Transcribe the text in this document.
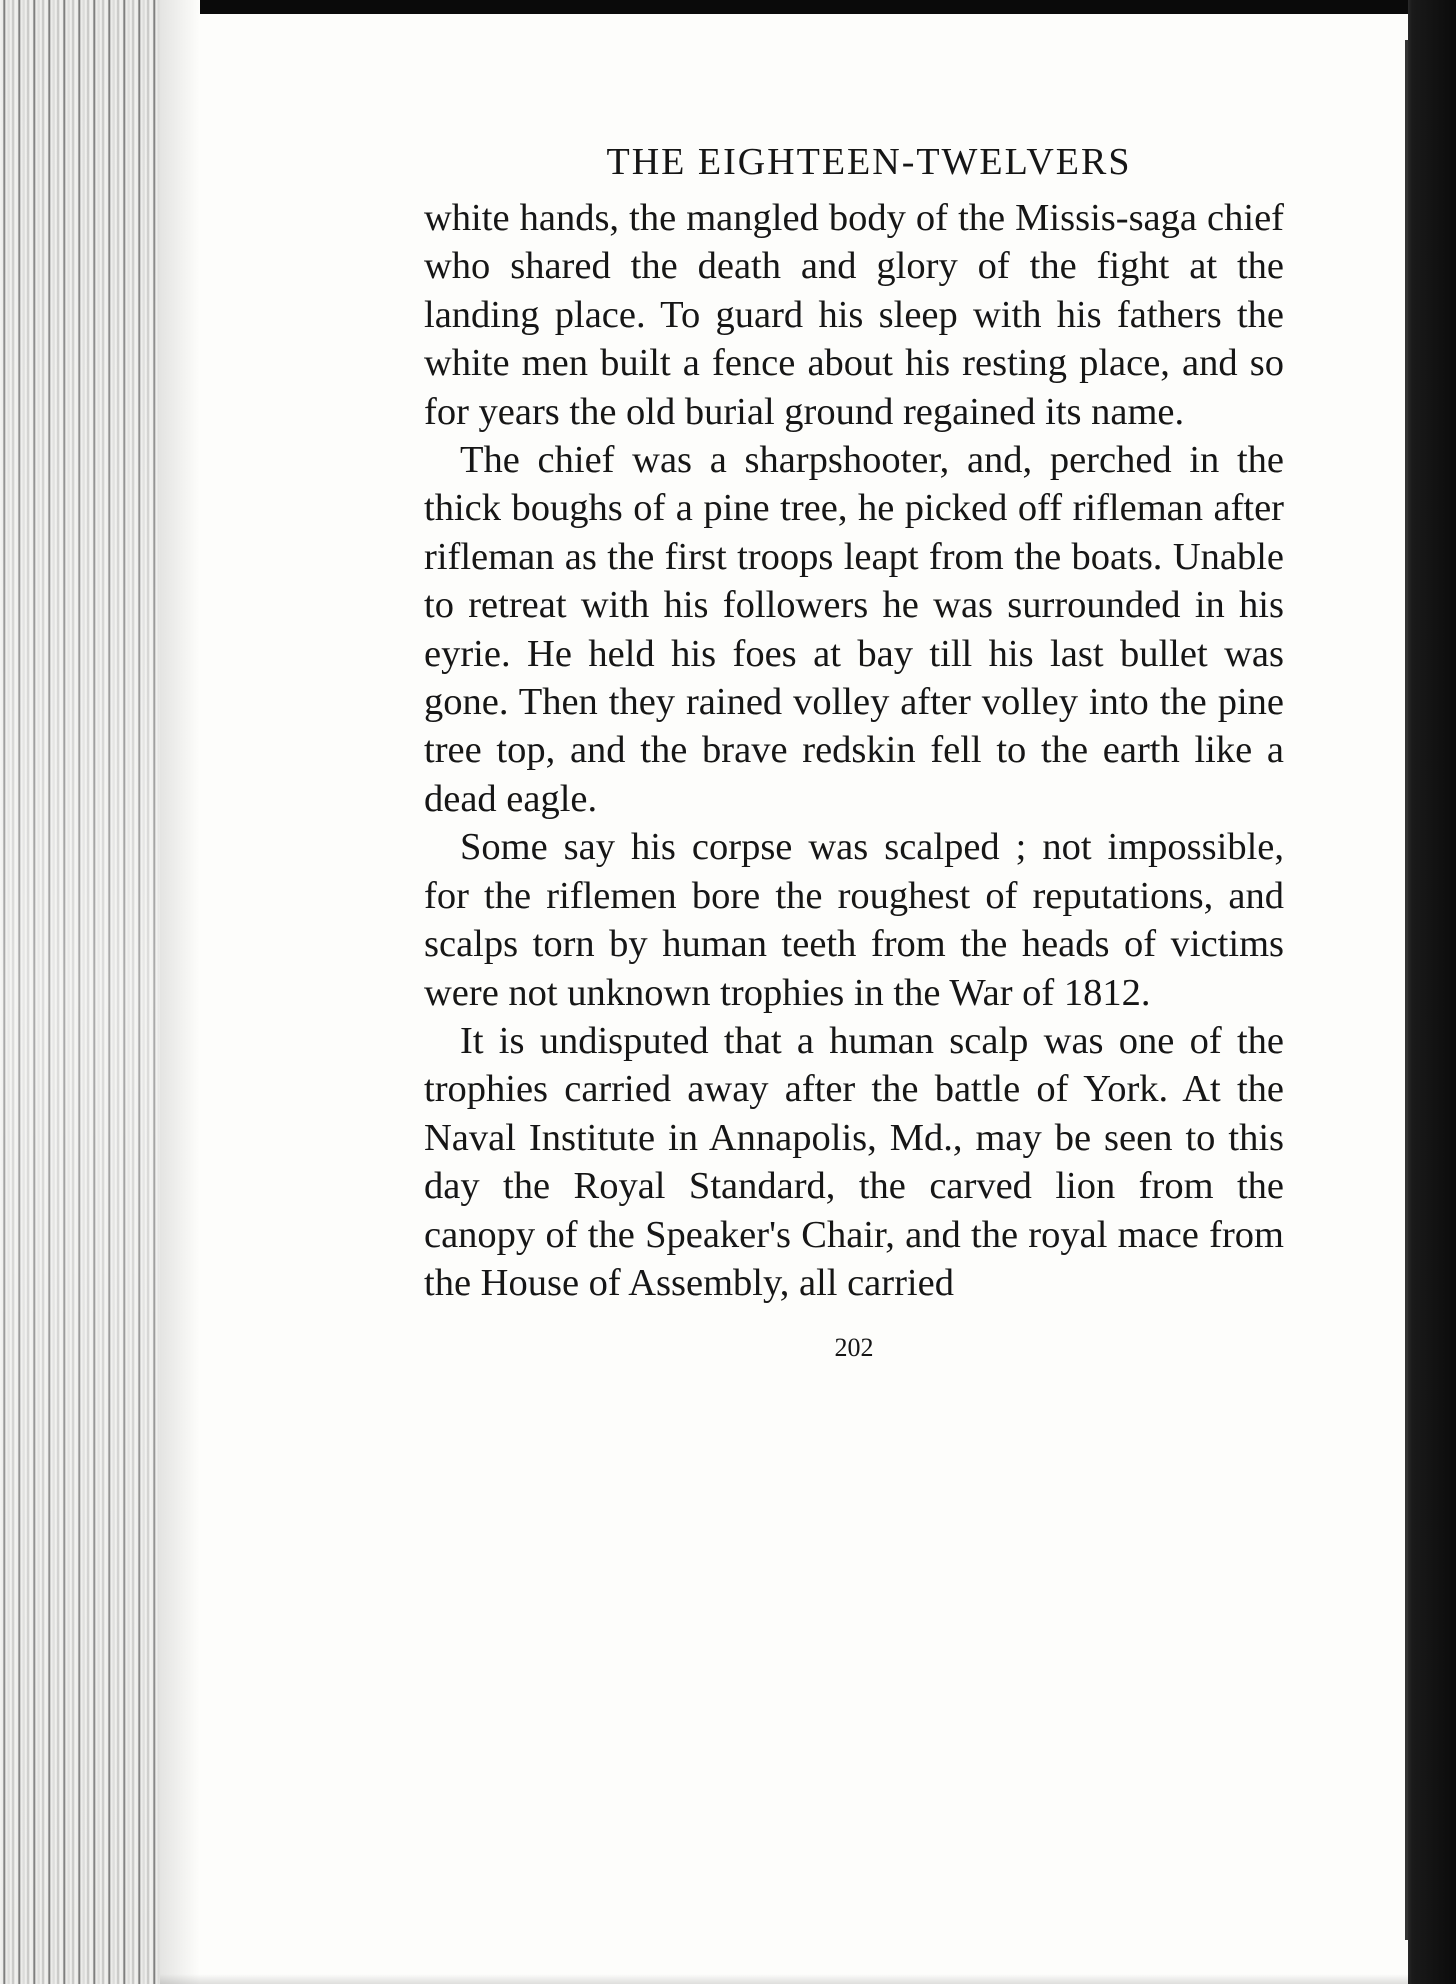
THE EIGHTEEN-TWELVERS

white hands, the mangled body of the Missis-saga chief who shared the death and glory of the fight at the landing place. To guard his sleep with his fathers the white men built a fence about his resting place, and so for years the old burial ground regained its name.

The chief was a sharpshooter, and, perched in the thick boughs of a pine tree, he picked off rifleman after rifleman as the first troops leapt from the boats. Unable to retreat with his followers he was surrounded in his eyrie. He held his foes at bay till his last bullet was gone. Then they rained volley after volley into the pine tree top, and the brave redskin fell to the earth like a dead eagle.

Some say his corpse was scalped ; not impossible, for the riflemen bore the roughest of reputations, and scalps torn by human teeth from the heads of victims were not unknown trophies in the War of 1812.

It is undisputed that a human scalp was one of the trophies carried away after the battle of York. At the Naval Institute in Annapolis, Md., may be seen to this day the Royal Standard, the carved lion from the canopy of the Speaker's Chair, and the royal mace from the House of Assembly, all carried

202
